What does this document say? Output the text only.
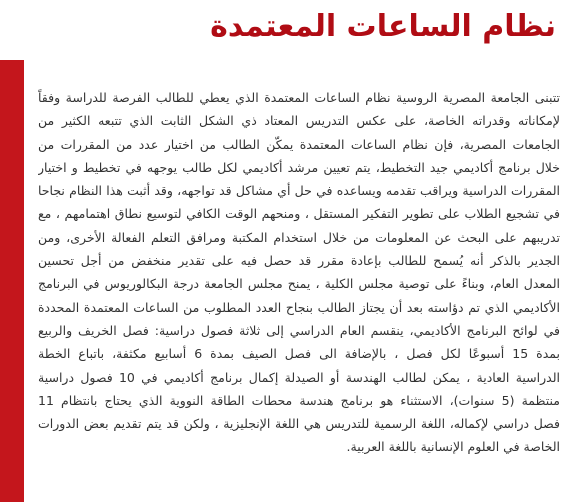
نظام الساعات المعتمدة
تتبنى الجامعة المصرية الروسية نظام الساعات المعتمدة الذي يعطي للطالب الفرصة للدراسة وفقاً
لإمكاناته وقدراته الخاصة، على عكس التدريس المعتاد ذي الشكل الثابت الذي تتبعه الكثير من
الجامعات المصرية، فإن نظام الساعات المعتمدة يمكّن الطالب من اختيار عدد من المقررات من
خلال برنامج أكاديمي جيد التخطيط، يتم تعيين مرشد أكاديمي لكل طالب يوجهه في تخطيط و اختيار
المقررات الدراسية ويراقب تقدمه ويساعده في حل أي مشاكل قد تواجهه، وقد أثبت هذا النظام نجاحا
في تشجيع الطلاب على تطوير التفكير المستقل ، ومنحهم الوقت الكافي لتوسيع نطاق اهتمامهم ، مع
تدريبهم على البحث عن المعلومات من خلال استخدام المكتبة ومرافق التعلم الفعالة الأخرى، ومن
الجدير بالذكر أنه يُسمح للطالب بإعادة مقرر قد حصل فيه على تقدير منخفض من أجل تحسين
المعدل العام، وبناءً على توصية مجلس الكلية ، يمنح مجلس الجامعة درجة البكالوريوس في البرنامج
الأكاديمي الذي تم دؤاسته بعد أن يجتاز الطالب بنجاح العدد المطلوب من الساعات المعتمدة المحددة
في لوائح البرنامج الأكاديمي، ينقسم العام الدراسي إلى ثلاثة فصول دراسية: فصل الخريف والربيع
بمدة 15 أسبوعًا لكل فصل ، بالإضافة الى فصل الصيف بمدة 6 أسابيع مكثفة، باتباع الخطة
الدراسية العادية ، يمكن لطالب الهندسة أو الصيدلة إكمال برنامج أكاديمي في 10 فصول دراسية
منتظمة (5 سنوات)، الاستثناء هو برنامج هندسة محطات الطاقة النووية الذي يحتاج بانتظام 11
فصل دراسي لإكماله، اللغة الرسمية للتدريس هي اللغة الإنجليزية ، ولكن قد يتم تقديم بعض الدورات
الخاصة في العلوم الإنسانية باللغة العربية.
